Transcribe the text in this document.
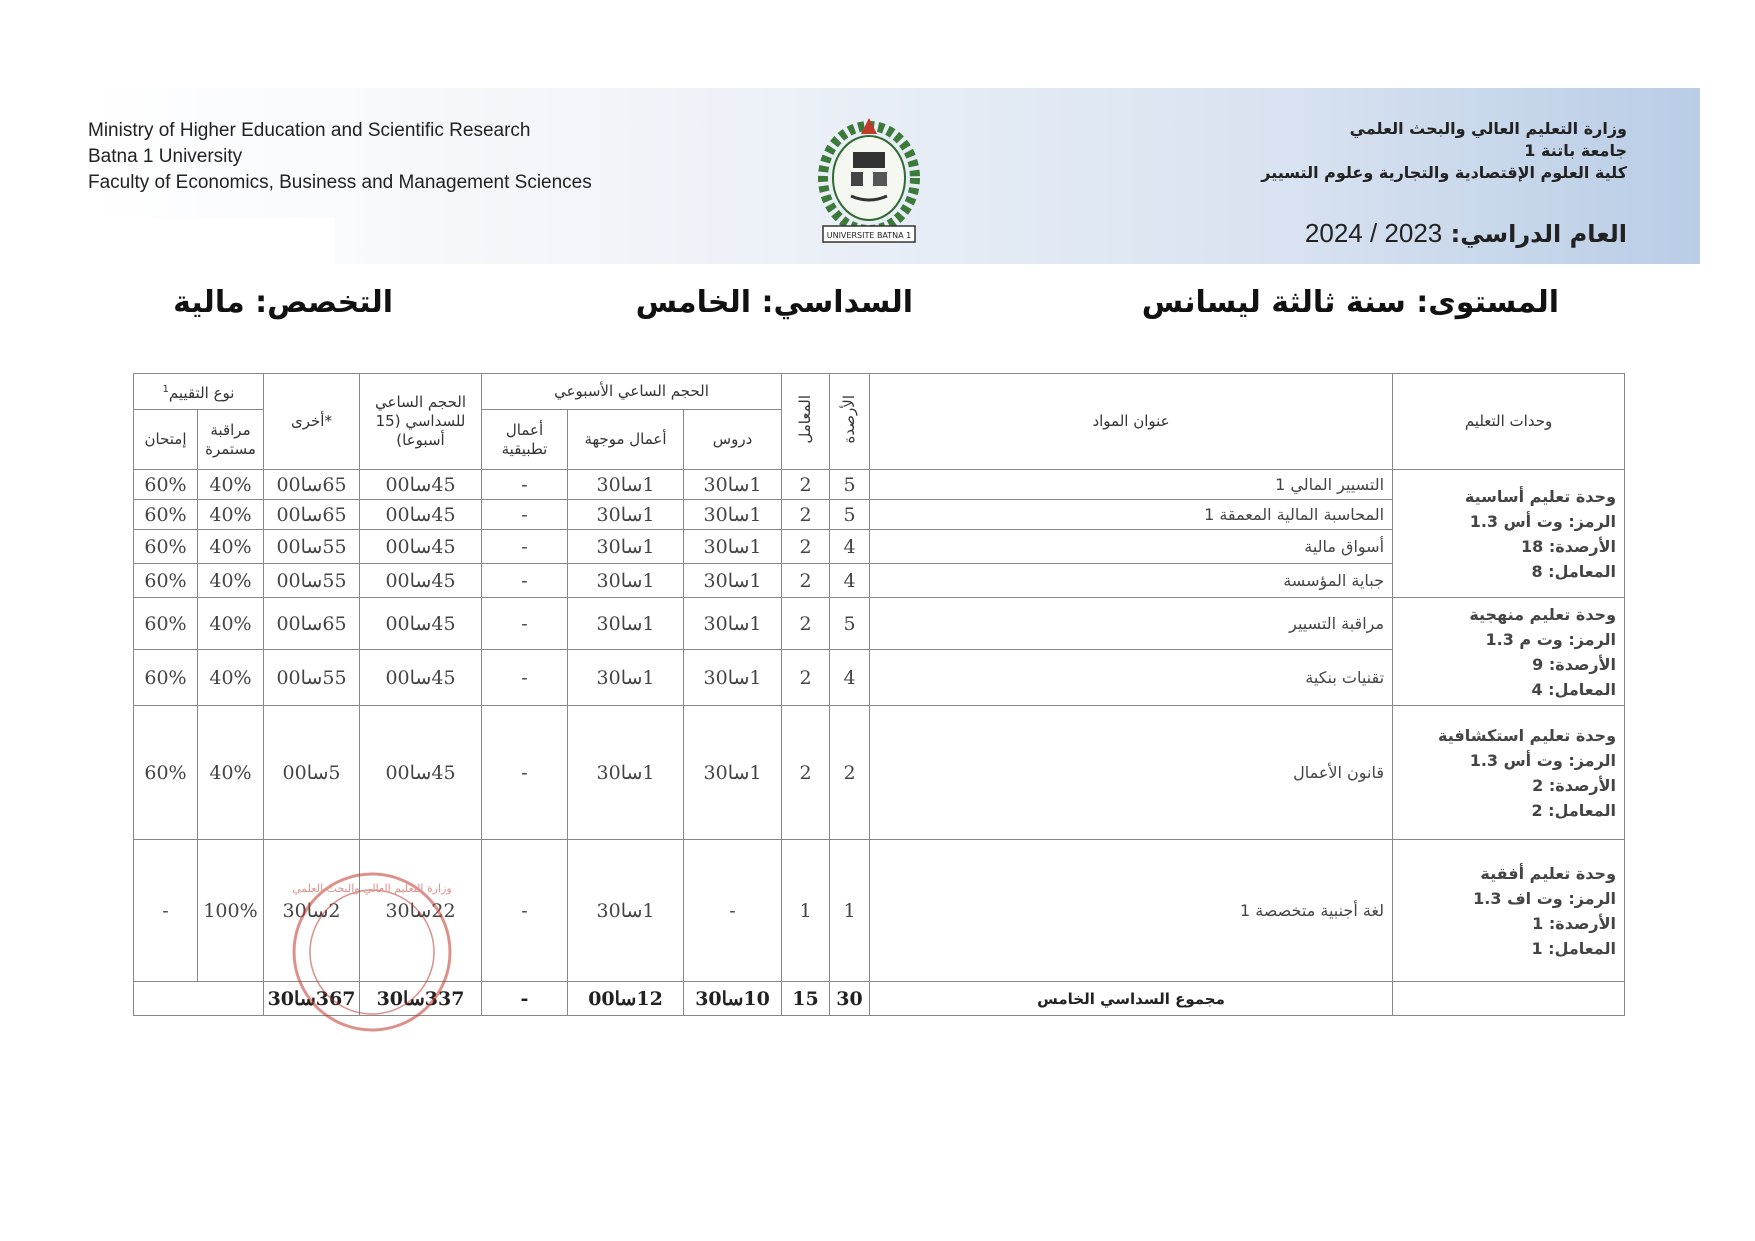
Ministry of Higher Education and Scientific Research
Batna 1 University
Faculty of Economics, Business and Management Sciences
وزارة التعليم العالي والبحث العلمي
جامعة باتنة 1
كلية العلوم الإقتصادية والتجارية وعلوم التسيير
العام الدراسي: 2024 / 2023
UNIVERSITE BATNA 1
المستوى: سنة ثالثة ليسانس
السداسي: الخامس
التخصص: مالية
نوع التقييم$^1$		أخرى*	الحجم الساعي للسداسي (15 أسبوعا)	الحجم الساعي الأسبوعي			المعامل	الأرصدة	عنوان المواد	وحدات التعليم
إمتحان	مراقبة مستمرة			أعمال تطبيقية	أعمال موجهة	دروس				
60%	40%	65سا00	45سا00	-	1سا30	1سا30	2	5	التسيير المالي 1	وحدة تعليم أساسية
الرمز: وت أس 1.3
الأرصدة: 18
المعامل: 8

60%	40%	65سا00	45سا00	-	1سا30	1سا30	2	5	المحاسبة المالية المعمقة 1	
60%	40%	55سا00	45سا00	-	1سا30	1سا30	2	4	أسواق مالية	
60%	40%	55سا00	45سا00	-	1سا30	1سا30	2	4	جباية المؤسسة	
60%	40%	65سا00	45سا00	-	1سا30	1سا30	2	5	مراقبة التسيير	وحدة تعليم منهجية
الرمز: وت م 1.3
الأرصدة: 9
المعامل: 4

60%	40%	55سا00	45سا00	-	1سا30	1سا30	2	4	تقنيات بنكية	
60%	40%	5سا00	45سا00	-	1سا30	1سا30	2	2	قانون الأعمال	وحدة تعليم استكشافية
الرمز: وت أس 1.3
الأرصدة: 2
المعامل: 2

-	100%	2سا30	22سا30	-	1سا30	-	1	1	لغة أجنبية متخصصة 1	وحدة تعليم أفقية
الرمز: وت اف 1.3
الأرصدة: 1
المعامل: 1

		367سا30	337سا30	-	12سا00	10سا30	15	30	مجموع السداسي الخامس	
وزارة التعليم العالي والبحث العلمي
